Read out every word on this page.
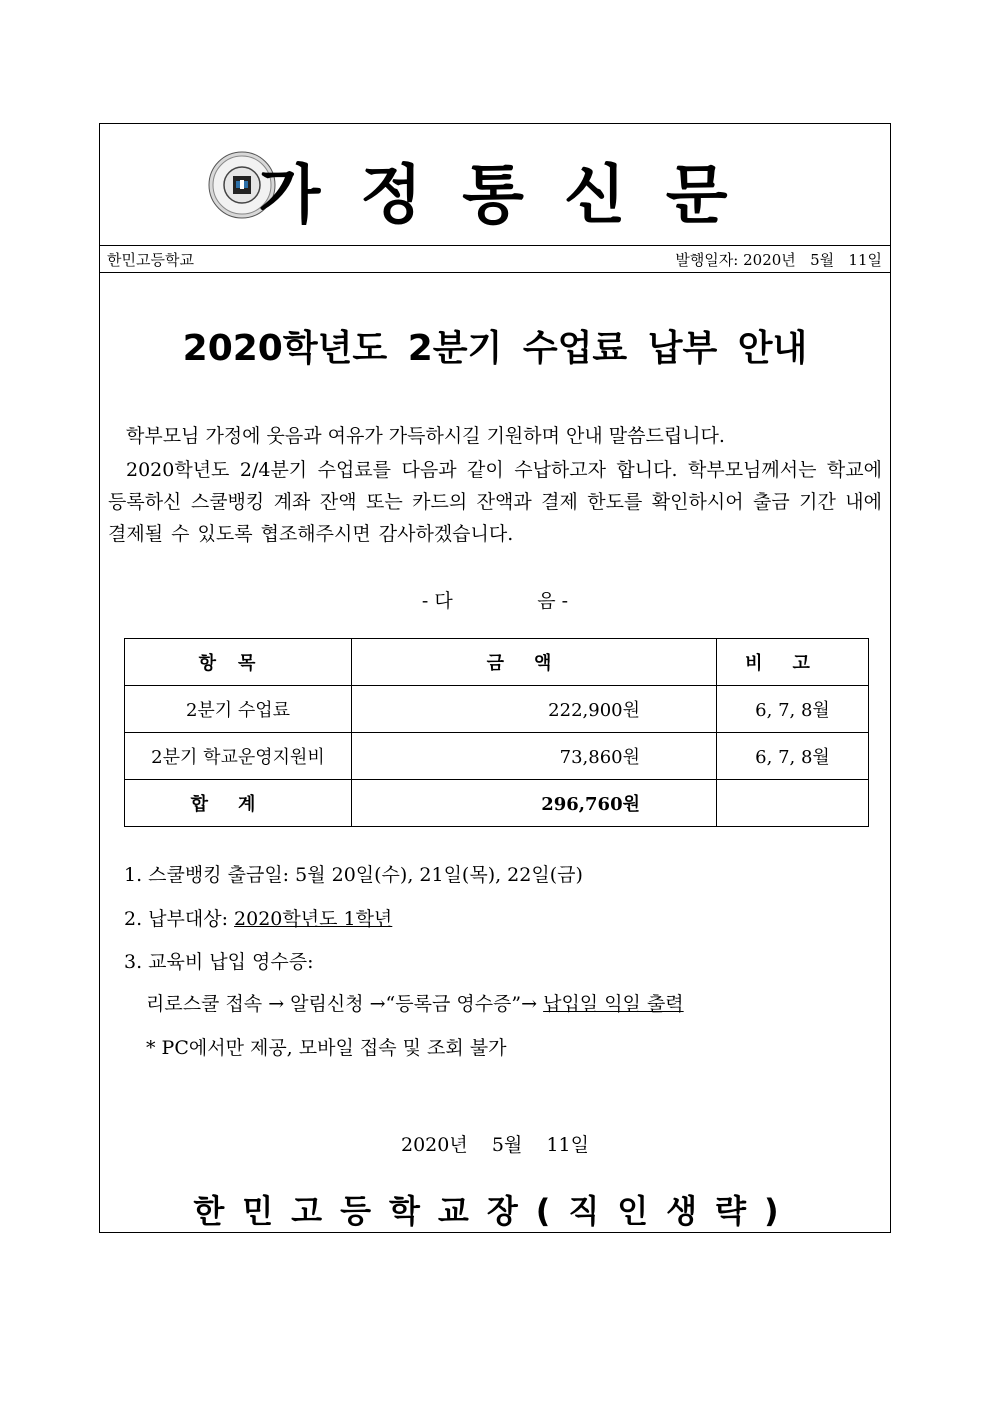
가정통신문
한민고등학교	발행일자: 2020년   5월   11일
2020학년도 2분기 수업료 납부 안내
학부모님 가정에 웃음과 여유가 가득하시길 기원하며 안내 말씀드립니다.
2020학년도 2/4분기 수업료를 다음과 같이 수납하고자 합니다. 학부모님께서는 학교에 등록하신 스쿨뱅킹 계좌 잔액 또는 카드의 잔액과 결제 한도를 확인하시어 출금 기간 내에 결제될 수 있도록 협조해주시면 감사하겠습니다.
- 다              음 -
항목	금액	비고
2분기 수업료	222,900원	6, 7, 8월
2분기 학교운영지원비	73,860원	6, 7, 8월
합계	296,760원	
1. 스쿨뱅킹 출금일: 5월 20일(수), 21일(목), 22일(금)
2. 납부대상: 2020학년도 1학년
3. 교육비 납입 영수증:
리로스쿨 접속 → 알림신청 →“등록금 영수증”→ 납입일 익일 출력
* PC에서만 제공, 모바일 접속 및 조회 불가
2020년    5월    11일
한민고등학교장(직인생략)
